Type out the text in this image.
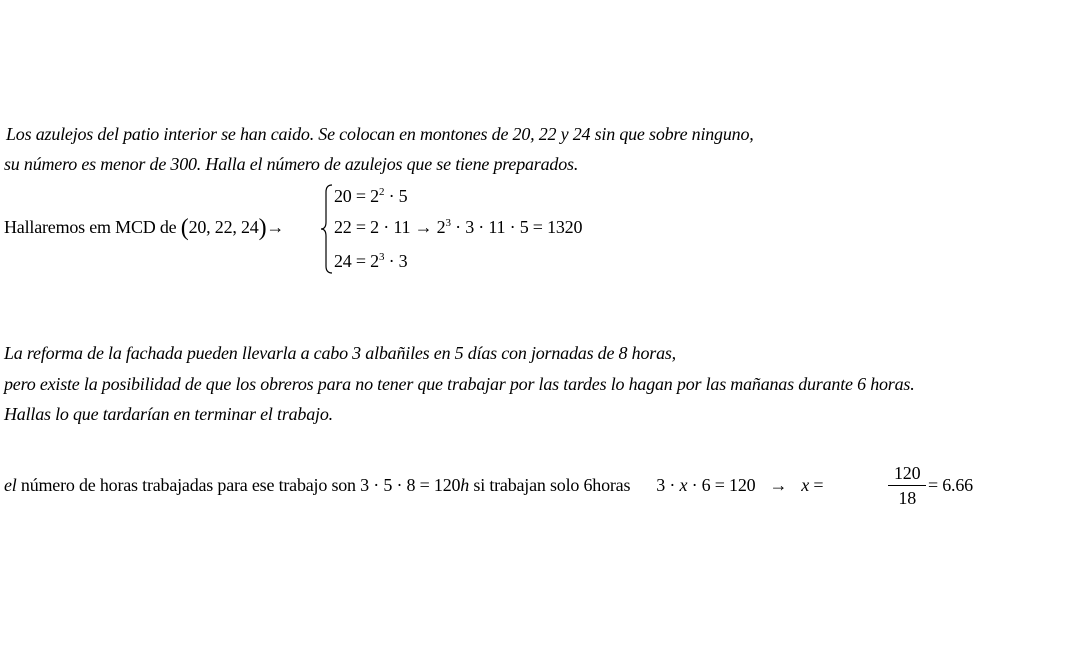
Los azulejos del patio interior se han caido. Se colocan en montones de 20, 22 y 24 sin que sobre ninguno,
su número es menor de 300. Halla el número de azulejos que se tiene preparados.
Hallaremos em MCD de (20, 22, 24)→
$20 = 2^2 \cdot 5$
$22 = 2 \cdot 11 \to 2^3 \cdot 3 \cdot 11 \cdot 5 = 1320$
$24 = 2^3 \cdot 3$
La reforma de la fachada pueden llevarla a cabo 3 albañiles en 5 días con jornadas de 8 horas,
pero existe la posibilidad de que los obreros para no tener que trabajar por las tardes lo hagan por las mañanas durante 6 horas.
Hallas lo que tardarían en terminar el trabajo.
el número de horas trabajadas para ese trabajo son 3 · 5 · 8 = 120h si trabajan solo 6horas 3 · x · 6 = 120 → x =	$\frac{120}{18} = 6.66$
